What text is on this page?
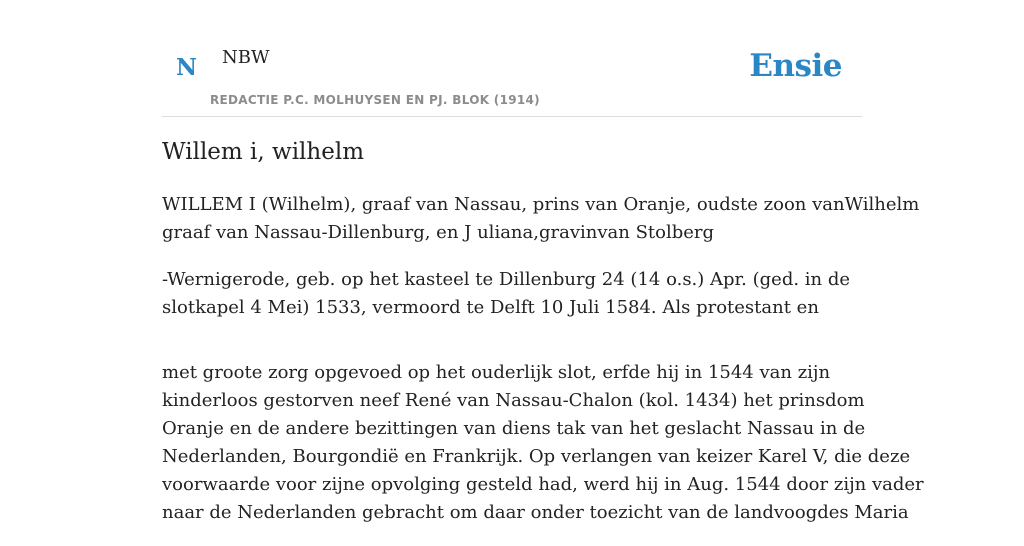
N NBW
REDACTIE P.C. MOLHUYSEN EN PJ. BLOK (1914)
Ensie
Willem i, wilhelm

WILLEM I (Wilhelm), graaf van Nassau, prins van Oranje, oudste zoon vanWilhelm
graaf van Nassau-Dillenburg, en J uliana,gravinvan Stolberg

-Wernigerode, geb. op het kasteel te Dillenburg 24 (14 o.s.) Apr. (ged. in de
slotkapel 4 Mei) 1533, vermoord te Delft 10 Juli 1584. Als protestant en

met groote zorg opgevoed op het ouderlijk slot, erfde hij in 1544 van zijn
kinderloos gestorven neef René van Nassau-Chalon (kol. 1434) het prinsdom
Oranje en de andere bezittingen van diens tak van het geslacht Nassau in de
Nederlanden, Bourgondië en Frankrijk. Op verlangen van keizer Karel V, die deze
voorwaarde voor zijne opvolging gesteld had, werd hij in Aug. 1544 door zijn vader
naar de Nederlanden gebracht om daar onder toezicht van de landvoogdes Maria
